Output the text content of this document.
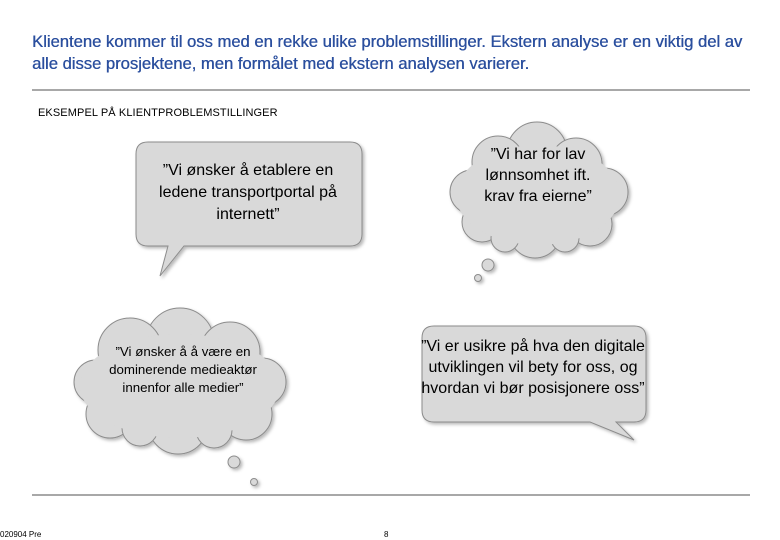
Klientene kommer til oss med en rekke ulike problemstillinger. Ekstern analyse er en viktig del av alle disse prosjektene, men formålet med ekstern analysen varierer.
EKSEMPEL PÅ KLIENTPROBLEMSTILLINGER
”Vi ønsker å etablere en ledene transportportal på internett”
”Vi har for lav lønnsomhet ift. krav fra eierne”
”Vi ønsker å å være en dominerende medieaktør innenfor alle medier”
”Vi er usikre på hva den digitale utviklingen vil bety for oss, og hvordan vi bør posisjonere oss”
020904 Pre	8
